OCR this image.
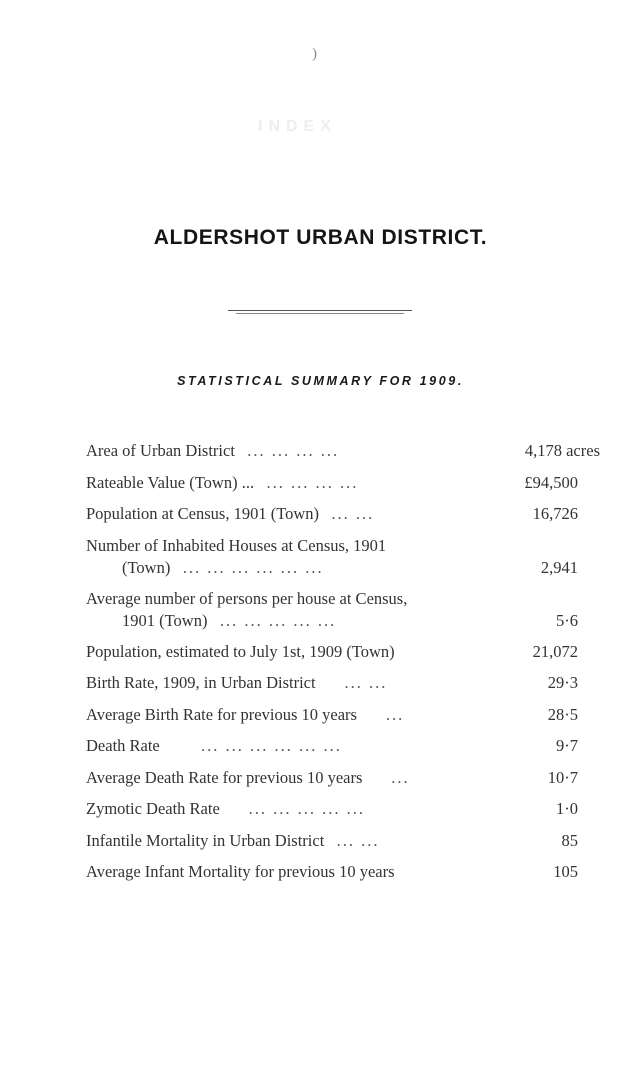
)
INDEX
ALDERSHOT URBAN DISTRICT.
STATISTICAL SUMMARY FOR 1909.
Area of Urban District ... ... ... ...	4,178 acres
Rateable Value (Town) ... ... ... ... ...	£94,500
Population at Census, 1901 (Town) ... ...	16,726
Number of Inhabited Houses at Census, 1901
(Town) ... ... ... ... ... ...	2,941
Average number of persons per house at Census,
1901 (Town) ... ... ... ... ...	5·6
Population, estimated to July 1st, 1909 (Town)	21,072
Birth Rate, 1909, in Urban District ... ...	29·3
Average Birth Rate for previous 10 years ...	28·5
Death Rate	... ... ... ... ... ...	9·7
Average Death Rate for previous 10 years ...	10·7
Zymotic Death Rate ... ... ... ... ...	1·0
Infantile Mortality in Urban District ... ...	85
Average Infant Mortality for previous 10 years	105
